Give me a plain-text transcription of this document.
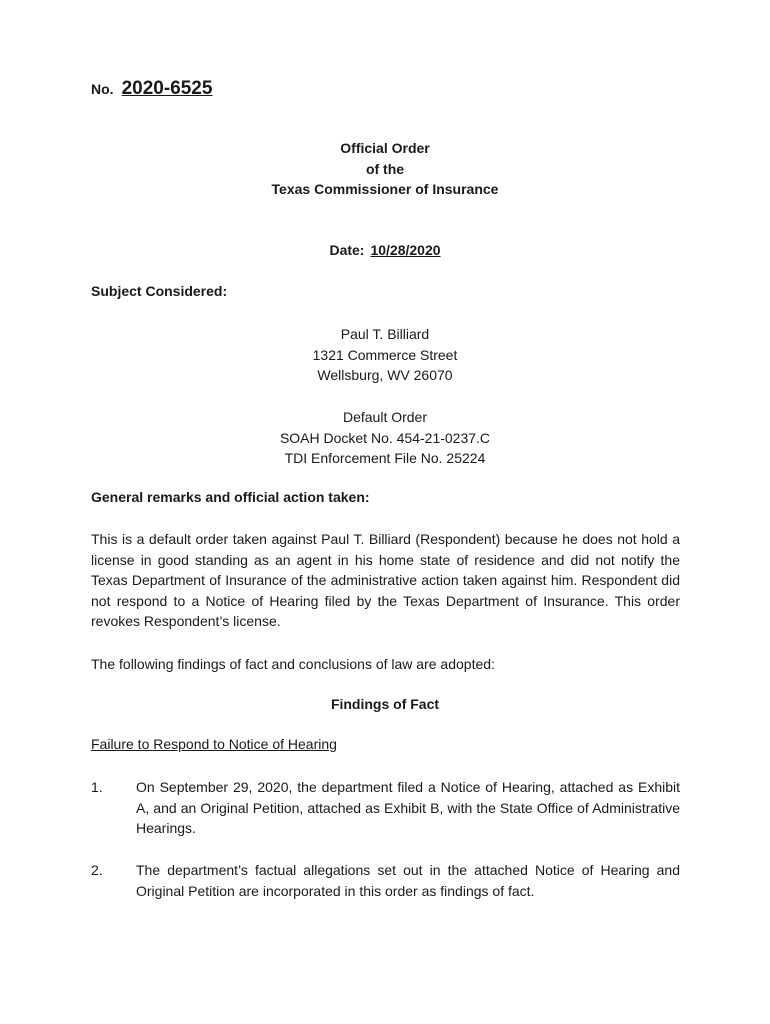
No. 2020-6525
Official Order
of the
Texas Commissioner of Insurance
Date: 10/28/2020
Subject Considered:
Paul T. Billiard
1321 Commerce Street
Wellsburg, WV 26070
Default Order
SOAH Docket No. 454-21-0237.C
TDI Enforcement File No. 25224
General remarks and official action taken:
This is a default order taken against Paul T. Billiard (Respondent) because he does not hold a license in good standing as an agent in his home state of residence and did not notify the Texas Department of Insurance of the administrative action taken against him. Respondent did not respond to a Notice of Hearing filed by the Texas Department of Insurance. This order revokes Respondent’s license.
The following findings of fact and conclusions of law are adopted:
Findings of Fact
Failure to Respond to Notice of Hearing
1.	On September 29, 2020, the department filed a Notice of Hearing, attached as Exhibit A, and an Original Petition, attached as Exhibit B, with the State Office of Administrative Hearings.
2.	The department’s factual allegations set out in the attached Notice of Hearing and Original Petition are incorporated in this order as findings of fact.
